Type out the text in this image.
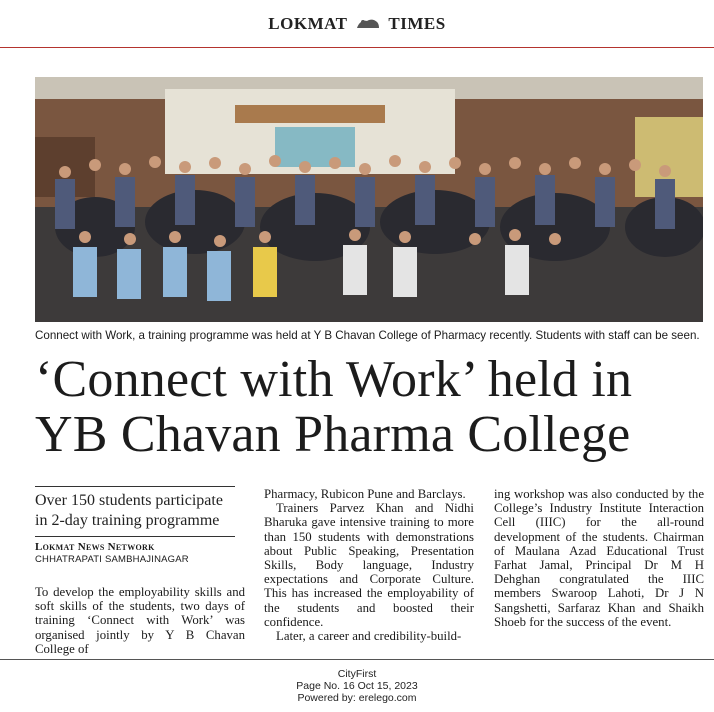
LOKMAT TIMES
Connect with Work, a training programme was held at Y B Chavan College of Pharmacy recently. Students with staff can be seen.
‘Connect with Work’ held in
YB Chavan Pharma College
Over 150 students participate in 2-day training programme
Lokmat News Network
CHHATRAPATI SAMBHAJINAGAR

To develop the employability skills and soft skills of the students, two days of training ‘Connect with Work’ was organised jointly by Y B Chavan College of

Pharmacy, Rubicon Pune and Barclays.

Trainers Parvez Khan and Nidhi Bharuka gave intensive training to more than 150 students with demonstrations about Public Speaking, Presentation Skills, Body language, Industry expectations and Corporate Culture. This has increased the employability of the students and boosted their confidence.

Later, a career and credibility-build-

ing workshop was also conducted by the College’s Industry Institute Interaction Cell (IIIC) for the all-round development of the students. Chairman of Maulana Azad Educational Trust Farhat Jamal, Principal Dr M H Dehghan congratulated the IIIC members Swaroop Lahoti, Dr J N Sangshetti, Sarfaraz Khan and Shaikh Shoeb for the success of the event.

CityFirst
Page No. 16 Oct 15, 2023
Powered by: erelego.com
